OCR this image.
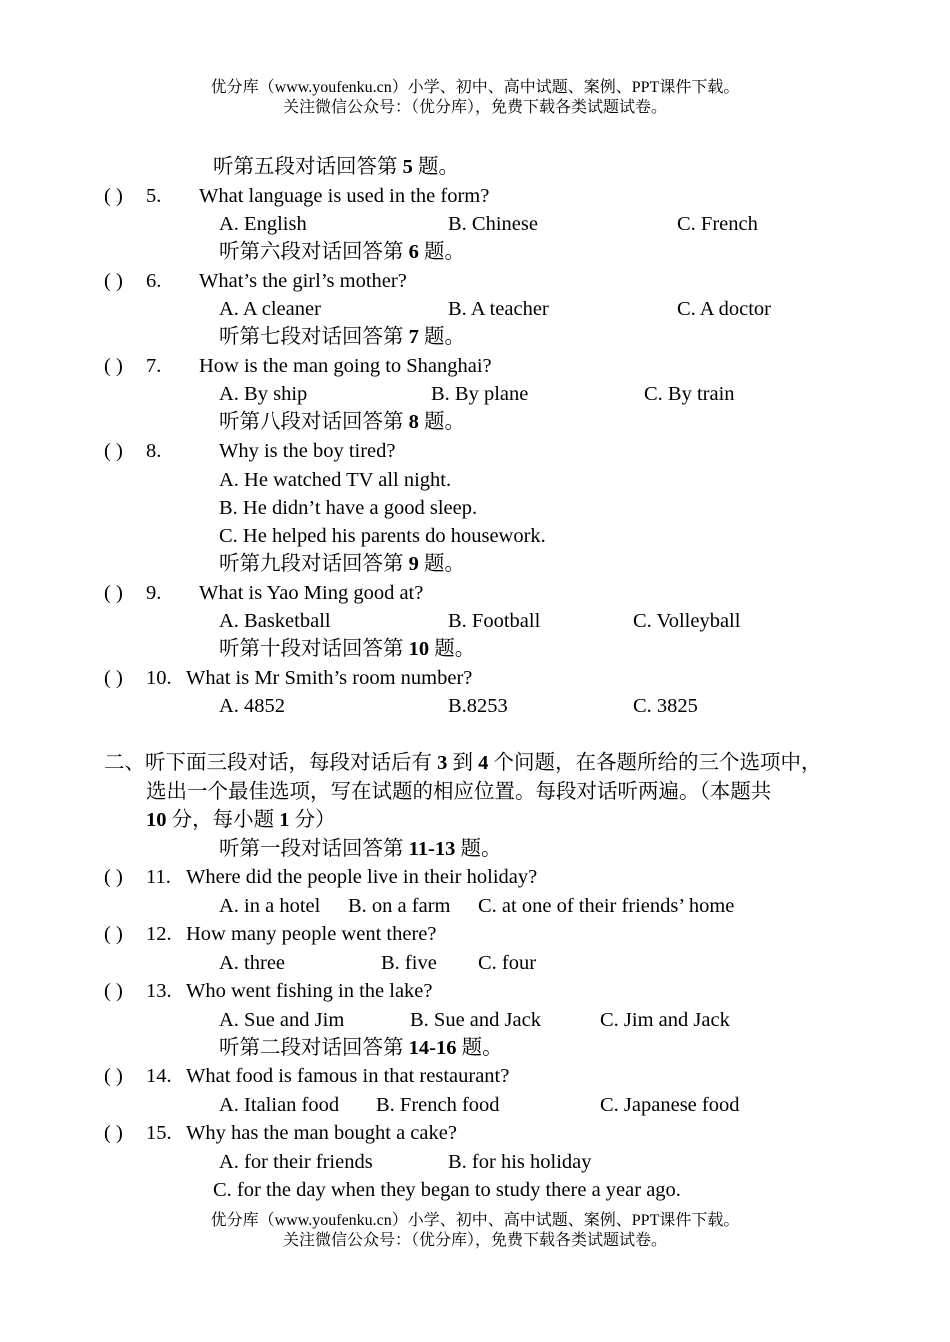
优分库（www.youfenku.cn）小学、初中、高中试题、案例、PPT课件下载。
关注微信公众号：（优分库），免费下载各类试题试卷。
听第五段对话回答第 5 题。
( ) 5. What language is used in the form?
A. English	B. Chinese	C. French
听第六段对话回答第 6 题。
( ) 6. What’s the girl’s mother?
A. A cleaner	B. A teacher	C. A doctor
听第七段对话回答第 7 题。
( ) 7. How is the man going to Shanghai?
A. By ship	B. By plane	C. By train
听第八段对话回答第 8 题。
( ) 8.	Why is the boy tired?
A. He watched TV all night.
B. He didn’t have a good sleep.
C. He helped his parents do housework.
听第九段对话回答第 9 题。
( ) 9. What is Yao Ming good at?
A. Basketball	B. Football	C. Volleyball
听第十段对话回答第 10 题。
( ) 10. What is Mr Smith’s room number?
A. 4852	B.8253	C. 3825
二、听下面三段对话，每段对话后有 3 到 4 个问题，在各题所给的三个选项中，
选出一个最佳选项，写在试题的相应位置。每段对话听两遍。（本题共
10 分，每小题 1 分）
听第一段对话回答第 11-13 题。
( ) 11. Where did the people live in their holiday?
A. in a hotel B. on a farm C. at one of their friends’ home
( ) 12. How many people went there?
A. three	B. five C. four
( ) 13. Who went fishing in the lake?
A. Sue and Jim	B. Sue and Jack	C. Jim and Jack
听第二段对话回答第 14-16 题。
( ) 14. What food is famous in that restaurant?
A. Italian food B. French food	C. Japanese food
( ) 15. Why has the man bought a cake?
A. for their friends	B. for his holiday
C. for the day when they began to study there a year ago.
优分库（www.youfenku.cn）小学、初中、高中试题、案例、PPT课件下载。
关注微信公众号：（优分库），免费下载各类试题试卷。
